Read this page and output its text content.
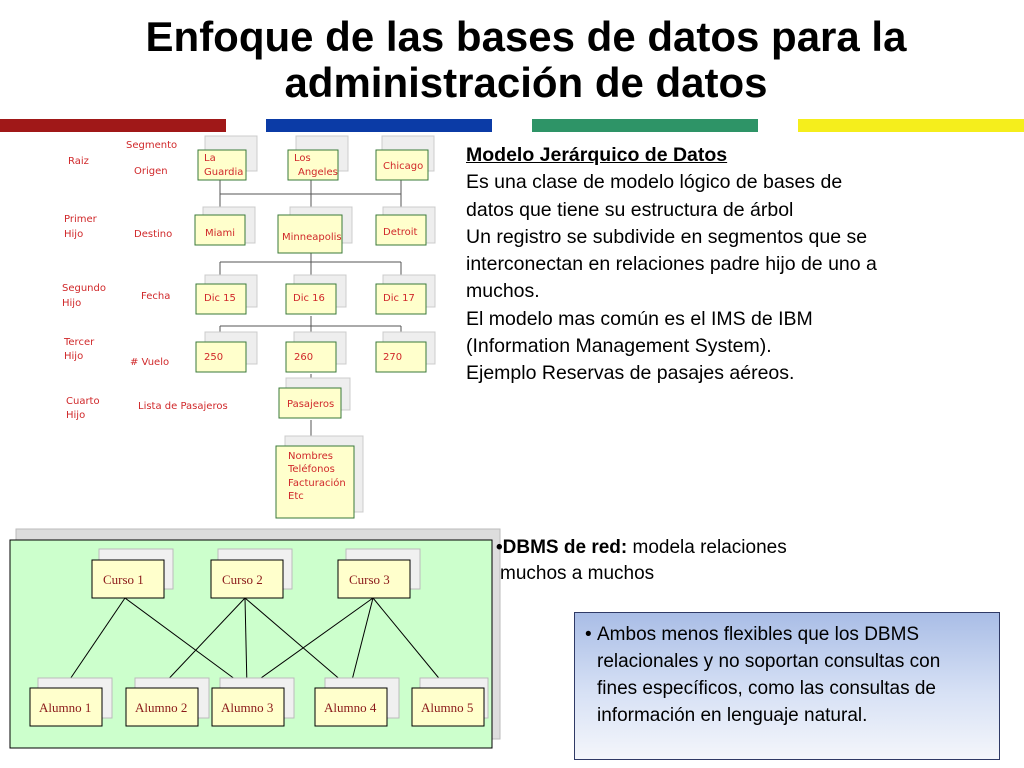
Enfoque de las bases de datos para la
administración de datos
Segmento
Raiz
Origen
Primer
Hijo	Destino
Segundo
Hijo
Fecha
Tercer
Hijo
# Vuelo
Cuarto
Hijo
Lista de Pasajeros
La
Guardia
Los
Angeles
Chicago
Miami	Minneapolis	Detroit
Dic 15	Dic 16	Dic 17
250	260	270
Pasajeros
Nombres
Teléfonos
Facturación
Etc
Curso 1	Curso 2	Curso 3
Alumno 1	Alumno 2	Alumno 3	Alumno 4	Alumno 5
Modelo Jerárquico de Datos
Es una clase de modelo lógico de bases de
datos que tiene su estructura de árbol
Un registro se subdivide en segmentos que se
interconectan en relaciones padre hijo de uno a
muchos.
El modelo mas común es el IMS de IBM
(Information Management System).
Ejemplo Reservas de pasajes aéreos.
•DBMS de red: modela relaciones
muchos a muchos
• Ambos menos flexibles que los DBMS relacionales y no soportan consultas con fines específicos, como las consultas de información en lenguaje natural.
